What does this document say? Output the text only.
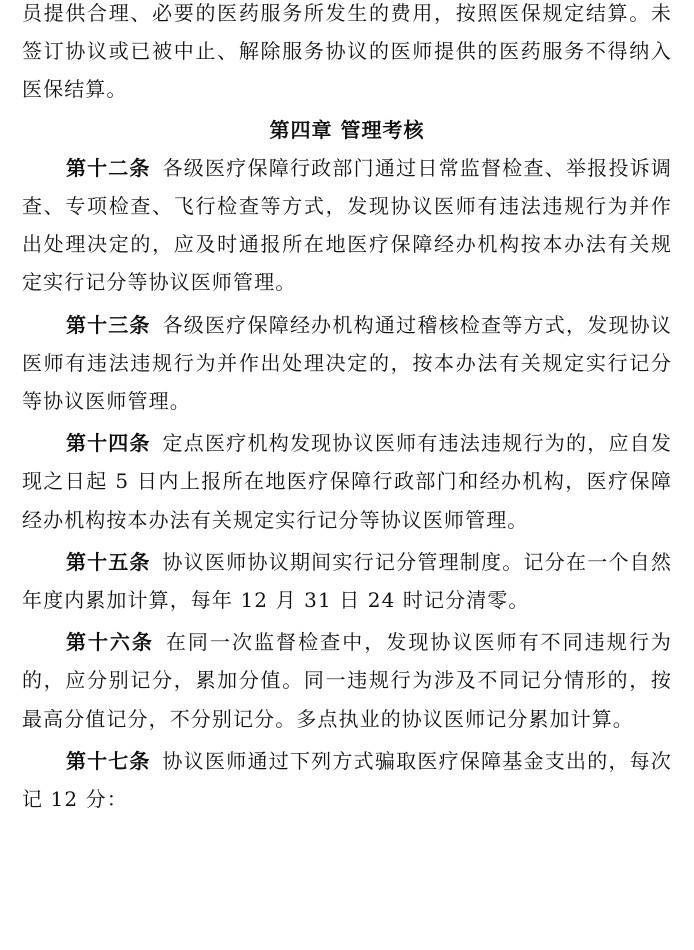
员提供合理、必要的医药服务所发生的费用，按照医保规定结算。未签订协议或已被中止、解除服务协议的医师提供的医药服务不得纳入医保结算。

第四章 管理考核

第十二条 各级医疗保障行政部门通过日常监督检查、举报投诉调查、专项检查、飞行检查等方式，发现协议医师有违法违规行为并作出处理决定的，应及时通报所在地医疗保障经办机构按本办法有关规定实行记分等协议医师管理。

第十三条 各级医疗保障经办机构通过稽核检查等方式，发现协议医师有违法违规行为并作出处理决定的，按本办法有关规定实行记分等协议医师管理。

第十四条 定点医疗机构发现协议医师有违法违规行为的，应自发现之日起 5 日内上报所在地医疗保障行政部门和经办机构，医疗保障经办机构按本办法有关规定实行记分等协议医师管理。

第十五条 协议医师协议期间实行记分管理制度。记分在一个自然年度内累加计算，每年 12 月 31 日 24 时记分清零。

第十六条 在同一次监督检查中，发现协议医师有不同违规行为的，应分别记分，累加分值。同一违规行为涉及不同记分情形的，按最高分值记分，不分别记分。多点执业的协议医师记分累加计算。

第十七条 协议医师通过下列方式骗取医疗保障基金支出的，每次记 12 分：
